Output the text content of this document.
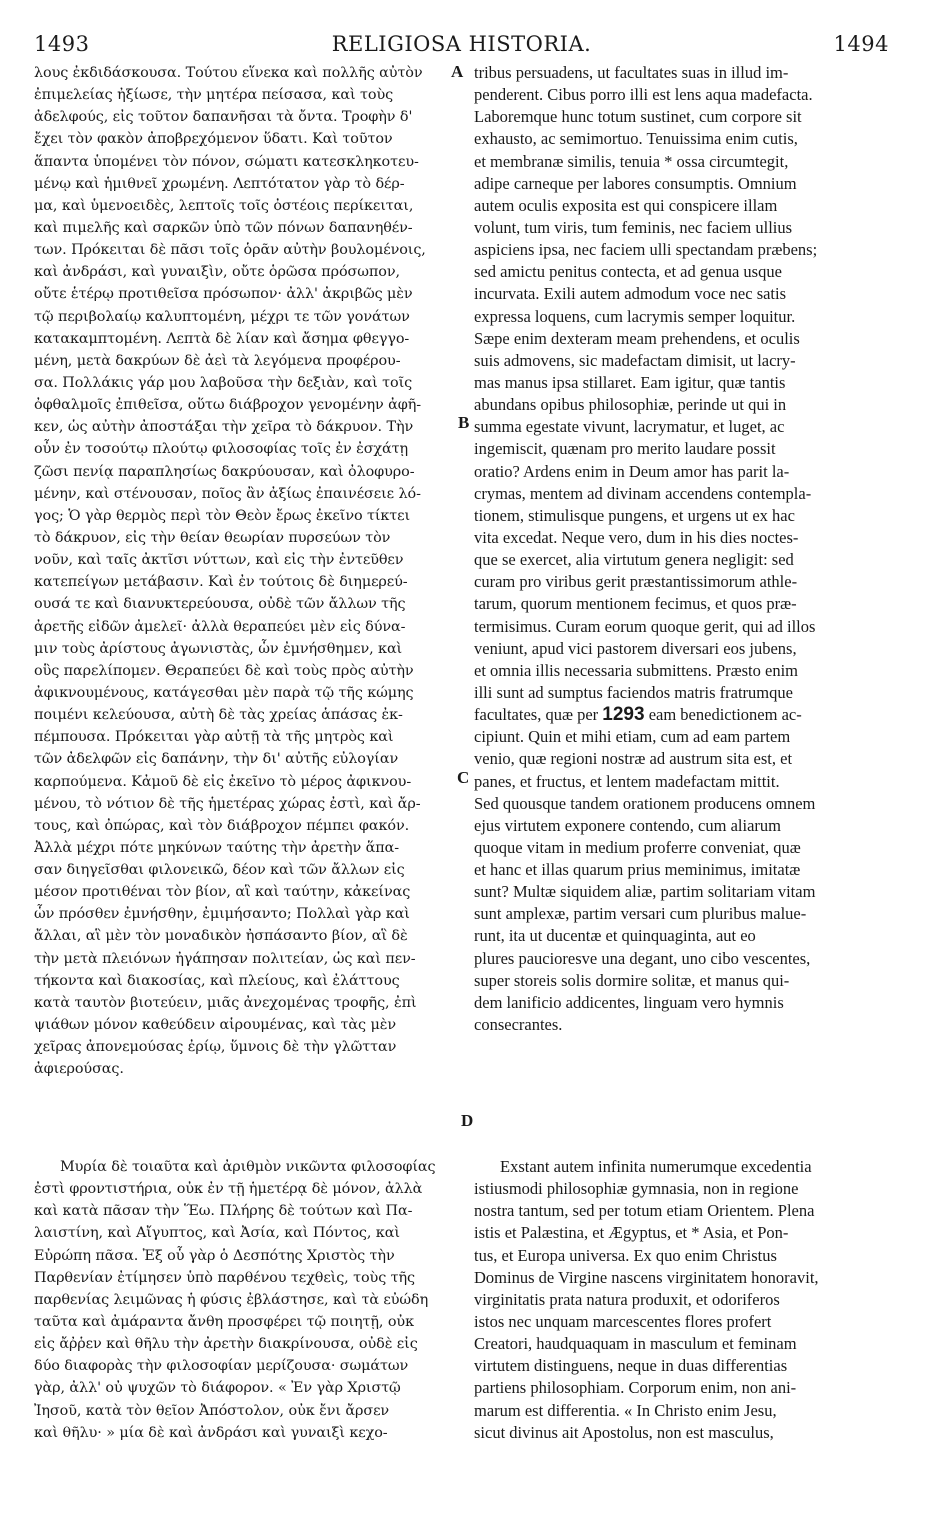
1493	RELIGIOSA HISTORIA.	1494
A
B
C
D
λους ἐκδιδάσκουσα. Τούτου εἵνεκα καὶ πολλῆς αὐτὸν
ἐπιμελείας ἠξίωσε, τὴν μητέρα πείσασα, καὶ τοὺς
ἀδελφούς, εἰς τοῦτον δαπανῆσαι τὰ ὄντα. Τροφὴν δ'
ἔχει τὸν φακὸν ἀποβρεχόμενον ὕδατι. Καὶ τοῦτον
ἅπαντα ὑπομένει τὸν πόνον, σώματι κατεσκληκοτευ-
μένῳ καὶ ἡμιθνεῖ χρωμένη. Λεπτότατον γὰρ τὸ δέρ-
μα, καὶ ὑμενοειδὲς, λεπτοῖς τοῖς ὀστέοις περίκειται,
καὶ πιμελῆς καὶ σαρκῶν ὑπὸ τῶν πόνων δαπανηθέν-
των. Πρόκειται δὲ πᾶσι τοῖς ὁρᾶν αὐτὴν βουλομένοις,
καὶ ἀνδράσι, καὶ γυναιξὶν, οὔτε ὁρῶσα πρόσωπον,
οὔτε ἑτέρῳ προτιθεῖσα πρόσωπον· ἀλλ' ἀκριβῶς μὲν
τῷ περιβολαίῳ καλυπτομένη, μέχρι τε τῶν γονάτων
κατακαμπτομένη. Λεπτὰ δὲ λίαν καὶ ἄσημα φθεγγο-
μένη, μετὰ δακρύων δὲ ἀεὶ τὰ λεγόμενα προφέρου-
σα. Πολλάκις γάρ μου λαβοῦσα τὴν δεξιὰν, καὶ τοῖς
ὀφθαλμοῖς ἐπιθεῖσα, οὕτω διάβροχον γενομένην ἀφῆ-
κεν, ὡς αὐτὴν ἀποστάξαι τὴν χεῖρα τὸ δάκρυον. Τὴν
οὖν ἐν τοσούτῳ πλούτῳ φιλοσοφίας τοῖς ἐν ἐσχάτῃ
ζῶσι πενίᾳ παραπλησίως δακρύουσαν, καὶ ὀλοφυρο-
μένην, καὶ στένουσαν, ποῖος ἂν ἀξίως ἐπαινέσειε λό-
γος; Ὁ γὰρ θερμὸς περὶ τὸν Θεὸν ἔρως ἐκεῖνο τίκτει
τὸ δάκρυον, εἰς τὴν θείαν θεωρίαν πυρσεύων τὸν
νοῦν, καὶ ταῖς ἀκτῖσι νύττων, καὶ εἰς τὴν ἐντεῦθεν
κατεπείγων μετάβασιν. Καὶ ἐν τούτοις δὲ διημερεύ-
ουσά τε καὶ διανυκτερεύουσα, οὐδὲ τῶν ἄλλων τῆς
ἀρετῆς εἰδῶν ἀμελεῖ· ἀλλὰ θεραπεύει μὲν εἰς δύνα-
μιν τοὺς ἀρίστους ἀγωνιστὰς, ὧν ἐμνήσθημεν, καὶ
οὓς παρελίπομεν. Θεραπεύει δὲ καὶ τοὺς πρὸς αὐτὴν
ἀφικνουμένους, κατάγεσθαι μὲν παρὰ τῷ τῆς κώμης
ποιμένι κελεύουσα, αὐτὴ δὲ τὰς χρείας ἁπάσας ἐκ-
πέμπουσα. Πρόκειται γὰρ αὐτῇ τὰ τῆς μητρὸς καὶ
τῶν ἀδελφῶν εἰς δαπάνην, τὴν δι' αὐτῆς εὐλογίαν
καρπούμενα. Κἀμοῦ δὲ εἰς ἐκεῖνο τὸ μέρος ἀφικνου-
μένου, τὸ νότιον δὲ τῆς ἡμετέρας χώρας ἐστὶ, καὶ ἄρ-
τους, καὶ ὀπώρας, καὶ τὸν διάβροχον πέμπει φακόν.
Ἀλλὰ μέχρι πότε μηκύνων ταύτης τὴν ἀρετὴν ἅπα-
σαν διηγεῖσθαι φιλονεικῶ, δέον καὶ τῶν ἄλλων εἰς
μέσον προτιθέναι τὸν βίον, αἳ καὶ ταύτην, κἀκείνας
ὧν πρόσθεν ἐμνήσθην, ἐμιμήσαντο; Πολλαὶ γὰρ καὶ
ἄλλαι, αἳ μὲν τὸν μοναδικὸν ἠσπάσαντο βίον, αἳ δὲ
τὴν μετὰ πλειόνων ἠγάπησαν πολιτείαν, ὡς καὶ πεν-
τήκοντα καὶ διακοσίας, καὶ πλείους, καὶ ἐλάττους
κατὰ ταυτὸν βιοτεύειν, μιᾶς ἀνεχομένας τροφῆς, ἐπὶ
ψιάθων μόνον καθεύδειν αἱρουμένας, καὶ τὰς μὲν
χεῖρας ἀπονεμούσας ἐρίῳ, ὕμνοις δὲ τὴν γλῶτταν
ἀφιερούσας.
Μυρία δὲ τοιαῦτα καὶ ἀριθμὸν νικῶντα φιλοσοφίας
ἐστὶ φροντιστήρια, οὐκ ἐν τῇ ἡμετέρᾳ δὲ μόνον, ἀλλὰ
καὶ κατὰ πᾶσαν τὴν Ἕω. Πλήρης δὲ τούτων καὶ Πα-
λαιστίνη, καὶ Αἴγυπτος, καὶ Ἀσία, καὶ Πόντος, καὶ
Εὐρώπη πᾶσα. Ἐξ οὗ γὰρ ὁ Δεσπότης Χριστὸς τὴν
Παρθενίαν ἐτίμησεν ὑπὸ παρθένου τεχθεὶς, τοὺς τῆς
παρθενίας λειμῶνας ἡ φύσις ἐβλάστησε, καὶ τὰ εὐώδη
ταῦτα καὶ ἀμάραντα ἄνθη προσφέρει τῷ ποιητῇ, οὐκ
εἰς ἄῤῥεν καὶ θῆλυ τὴν ἀρετὴν διακρίνουσα, οὐδὲ εἰς
δύο διαφορὰς τὴν φιλοσοφίαν μερίζουσα· σωμάτων
γὰρ, ἀλλ' οὐ ψυχῶν τὸ διάφορον. « Ἐν γὰρ Χριστῷ
Ἰησοῦ, κατὰ τὸν θεῖον Ἀπόστολον, οὐκ ἔνι ἄρσεν
καὶ θῆλυ· » μία δὲ καὶ ἀνδράσι καὶ γυναιξὶ κεχο-
tribus persuadens, ut facultates suas in illud im-
penderent. Cibus porro illi est lens aqua madefacta.
Laboremque hunc totum sustinet, cum corpore sit
exhausto, ac semimortuo. Tenuissima enim cutis,
et membranæ similis, tenuia * ossa circumtegit,
adipe carneque per labores consumptis. Omnium
autem oculis exposita est qui conspicere illam
volunt, tum viris, tum feminis, nec faciem ullius
aspiciens ipsa, nec faciem ulli spectandam præbens;
sed amictu penitus contecta, et ad genua usque
incurvata. Exili autem admodum voce nec satis
expressa loquens, cum lacrymis semper loquitur.
Sæpe enim dexteram meam prehendens, et oculis
suis admovens, sic madefactam dimisit, ut lacry-
mas manus ipsa stillaret. Eam igitur, quæ tantis
abundans opibus philosophiæ, perinde ut qui in
summa egestate vivunt, lacrymatur, et luget, ac
ingemiscit, quænam pro merito laudare possit
oratio? Ardens enim in Deum amor has parit la-
crymas, mentem ad divinam accendens contempla-
tionem, stimulisque pungens, et urgens ut ex hac
vita excedat. Neque vero, dum in his dies noctes-
que se exercet, alia virtutum genera negligit: sed
curam pro viribus gerit præstantissimorum athle-
tarum, quorum mentionem fecimus, et quos præ-
termisimus. Curam eorum quoque gerit, qui ad illos
veniunt, apud vici pastorem diversari eos jubens,
et omnia illis necessaria submittens. Præsto enim
illi sunt ad sumptus faciendos matris fratrumque
facultates, quæ per 1293 eam benedictionem ac-
cipiunt. Quin et mihi etiam, cum ad eam partem
venio, quæ regioni nostræ ad austrum sita est, et
panes, et fructus, et lentem madefactam mittit.
Sed quousque tandem orationem producens omnem
ejus virtutem exponere contendo, cum aliarum
quoque vitam in medium proferre conveniat, quæ
et hanc et illas quarum prius meminimus, imitatæ
sunt? Multæ siquidem aliæ, partim solitariam vitam
sunt amplexæ, partim versari cum pluribus malue-
runt, ita ut ducentæ et quinquaginta, aut eo
plures paucioresve una degant, uno cibo vescentes,
super storeis solis dormire solitæ, et manus qui-
dem lanificio addicentes, linguam vero hymnis
consecrantes.
Exstant autem infinita numerumque excedentia
istiusmodi philosophiæ gymnasia, non in regione
nostra tantum, sed per totum etiam Orientem. Plena
istis et Palæstina, et Ægyptus, et * Asia, et Pon-
tus, et Europa universa. Ex quo enim Christus
Dominus de Virgine nascens virginitatem honoravit,
virginitatis prata natura produxit, et odoriferos
istos nec unquam marcescentes flores profert
Creatori, haudquaquam in masculum et feminam
virtutem distinguens, neque in duas differentias
partiens philosophiam. Corporum enim, non ani-
marum est differentia. « In Christo enim Jesu,
sicut divinus ait Apostolus, non est masculus,
